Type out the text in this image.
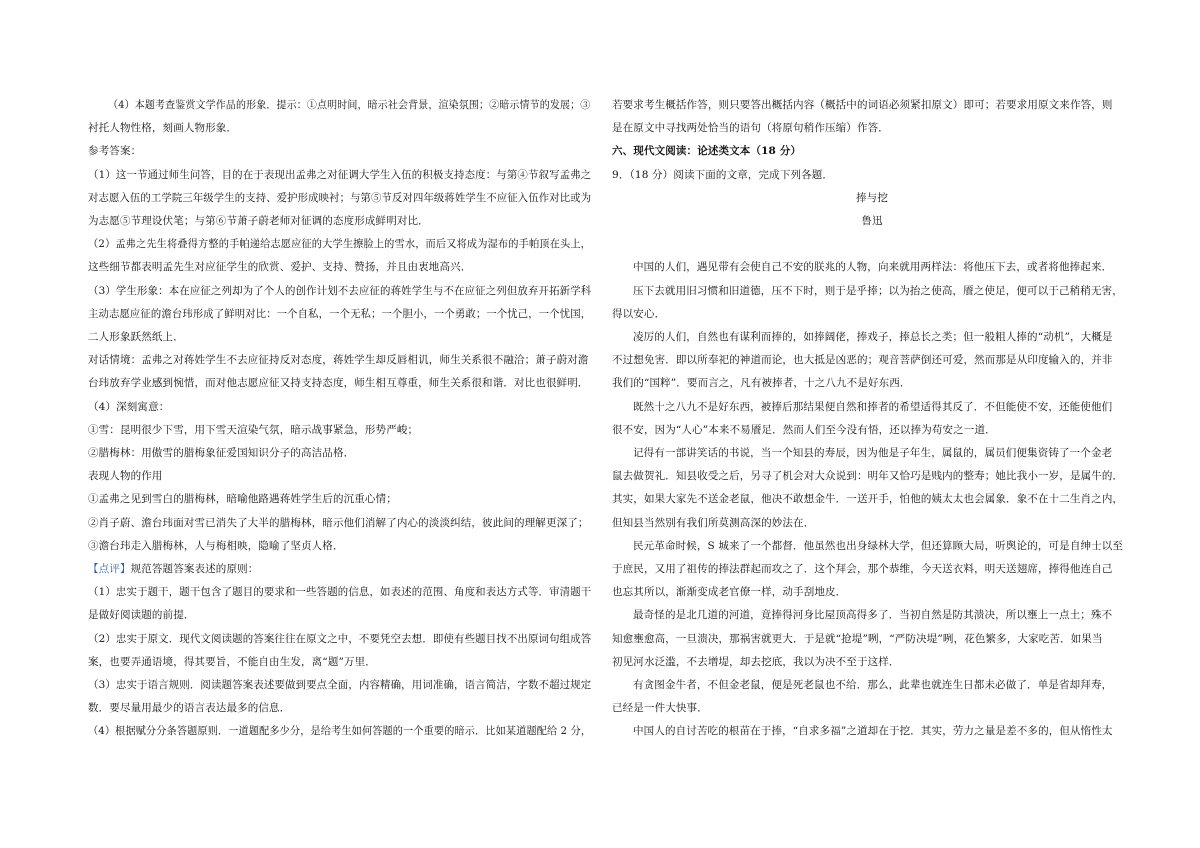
（4）本题考查鉴赏文学作品的形象．提示：①点明时间，暗示社会背景，渲染氛围；②暗示情节的发展；③
衬托人物性格，刻画人物形象．
参考答案：
（1）这一节通过师生问答，目的在于表现出孟弗之对征调大学生入伍的积极支持态度：与第④节叙写孟弗之
对志愿入伍的工学院三年级学生的支持、爱护形成映衬；与第⑤节反对四年级蒋姓学生不应征入伍作对比或为
为志愿⑤节理设伏笔；与第⑥节萧子蔚老师对征调的态度形成鲜明对比．
（2）孟弗之先生将叠得方整的手帕递给志愿应征的大学生擦脸上的雪水，而后又将成为湿布的手帕顶在头上，
这些细节都表明孟先生对应征学生的欣赏、爱护、支持、赞扬，并且由衷地高兴．
（3）学生形象：本在应征之列却为了个人的创作计划不去应征的蒋姓学生与不在应征之列但放弃开拓新学科
主动志愿应征的澹台玮形成了鲜明对比：一个自私，一个无私；一个胆小，一个勇敢；一个忧己，一个忧国，
二人形象跃然纸上．
对话情境：孟弗之对蒋姓学生不去应征持反对态度，蒋姓学生却反唇相讥，师生关系很不融洽；萧子蔚对澹
台玮放弃学业感到惋惜，而对他志愿应征又持支持态度，师生相互尊重，师生关系很和谐．对比也很鲜明．
（4）深刻寓意：
①雪：昆明很少下雪，用下雪天渲染气氛，暗示战事紧急，形势严峻；
②腊梅林：用傲雪的腊梅象征爱国知识分子的高洁品格．
表现人物的作用
①孟弗之见到雪白的腊梅林，暗喻他路遇蒋姓学生后的沉重心情；
②肖子蔚、澹台玮面对雪已消失了大半的腊梅林，暗示他们消解了内心的淡淡纠结，彼此间的理解更深了；
③澹台玮走入腊梅林，人与梅相映，隐喻了坚贞人格．
【点评】规范答题答案表述的原则：
（1）忠实于题干，题干包含了题目的要求和一些答题的信息，如表述的范围、角度和表达方式等．审清题干
是做好阅读题的前提．
（2）忠实于原文．现代文阅读题的答案往往在原文之中，不要凭空去想．即使有些题目找不出原词句组成答
案，也要弄通语境，得其要旨，不能自由生发，离“题”万里．
（3）忠实于语言规则．阅读题答案表述要做到要点全面，内容精确，用词准确，语言简洁，字数不超过规定
数．要尽量用最少的语言表达最多的信息．
（4）根据赋分分条答题原则．一道题配多少分，是给考生如何答题的一个重要的暗示．比如某道题配给 2 分，
若要求考生概括作答，则只要答出概括内容（概括中的词语必须紧扣原文）即可；若要求用原文来作答，则
是在原文中寻找两处恰当的语句（将原句稍作压缩）作答．
六、现代文阅读：论述类文本（18 分）
9．（18 分）阅读下面的文章，完成下列各题．
捧与挖
鲁迅
中国的人们，遇见带有会使自己不安的朕兆的人物，向来就用两样法：将他压下去，或者将他捧起来．
压下去就用旧习惯和旧道德，压不下时，则于是乎捧；以为抬之使高，餍之使足，便可以于己稍稍无害，
得以安心．
凌厉的人们，自然也有谋利而捧的，如捧阔佬，捧戏子，捧总长之类；但一般粗人捧的“动机”，大概是
不过想免害．即以所奉祀的神道而论，也大抵是凶恶的；观音菩萨倒还可爱，然而那是从印度输入的，并非
我们的“国粹”．要而言之，凡有被捧者，十之八九不是好东西．
既然十之八九不是好东西，被捧后那结果便自然和捧者的希望适得其反了．不但能使不安，还能使他们
很不安，因为“人心”本来不易餍足．然而人们至今没有悟，还以捧为苟安之一道．
记得有一部讲笑话的书说，当一个知县的寿辰，因为他是子年生，属鼠的，属员们便集资铸了一个金老
鼠去做贺礼．知县收受之后，另寻了机会对大众说到：明年又恰巧是贱内的整寿；她比我小一岁，是属牛的．
其实，如果大家先不送金老鼠，他决不敢想金牛．一送开手，怕他的姨太太也会属象．象不在十二生肖之内，
但知县当然别有我们所莫测高深的妙法在．
民元革命时候，S 城来了一个都督．他虽然也出身绿林大学，但还算顾大局，听舆论的，可是自绅士以至
于庶民，又用了祖传的捧法群起而攻之了．这个拜会，那个恭维，今天送衣料，明天送翅席，捧得他连自己
也忘其所以，渐渐变成老官僚一样，动手刮地皮．
最奇怪的是北几道的河道，竟捧得河身比屋顶高得多了．当初自然是防其溃决，所以壅上一点土；殊不
知愈壅愈高，一旦溃决，那祸害就更大．于是就“抢堤”咧，“严防决堤”咧，花色繁多，大家吃苦．如果当
初见河水泛滥，不去增堤，却去挖底，我以为决不至于这样．
有贪图金牛者，不但金老鼠，便是死老鼠也不给．那么，此辈也就连生日都未必做了．单是省却拜寿，
已经是一件大快事．
中国人的自讨苦吃的根苗在于捧，“自求多福”之道却在于挖．其实，劳力之量是差不多的，但从惰性太
